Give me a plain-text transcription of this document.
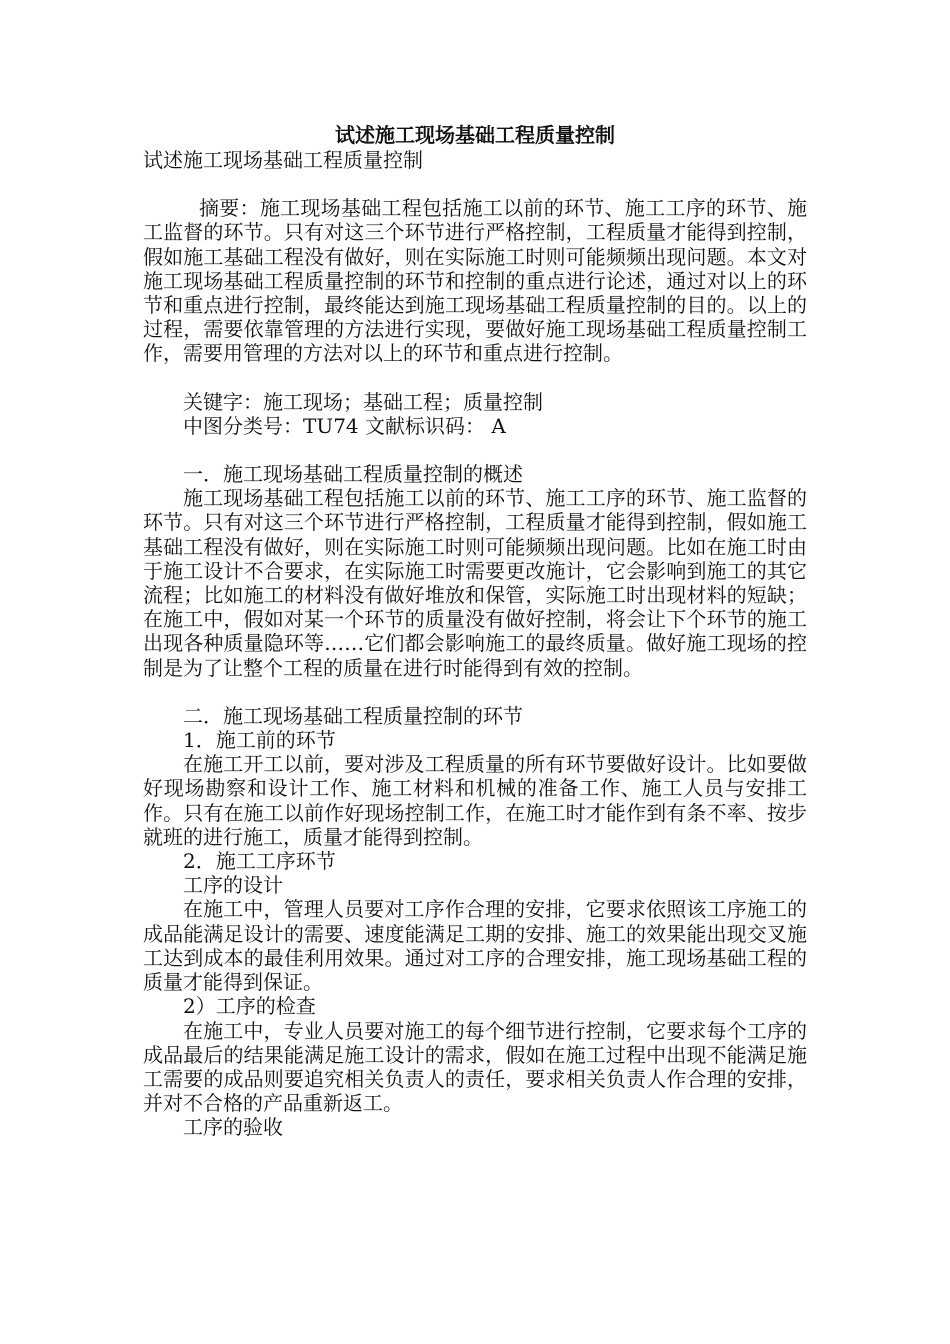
试述施工现场基础工程质量控制

试述施工现场基础工程质量控制

摘要：施工现场基础工程包括施工以前的环节、施工工序的环节、施工监督的环节。只有对这三个环节进行严格控制，工程质量才能得到控制，假如施工基础工程没有做好，则在实际施工时则可能频频出现问题。本文对施工现场基础工程质量控制的环节和控制的重点进行论述，通过对以上的环节和重点进行控制，最终能达到施工现场基础工程质量控制的目的。以上的过程，需要依靠管理的方法进行实现，要做好施工现场基础工程质量控制工作，需要用管理的方法对以上的环节和重点进行控制。

关键字：施工现场；基础工程；质量控制

中图分类号：TU74 文献标识码： A

一．施工现场基础工程质量控制的概述

施工现场基础工程包括施工以前的环节、施工工序的环节、施工监督的环节。只有对这三个环节进行严格控制，工程质量才能得到控制，假如施工基础工程没有做好，则在实际施工时则可能频频出现问题。比如在施工时由于施工设计不合要求，在实际施工时需要更改施计，它会影响到施工的其它流程；比如施工的材料没有做好堆放和保管，实际施工时出现材料的短缺；在施工中，假如对某一个环节的质量没有做好控制，将会让下个环节的施工出现各种质量隐环等……它们都会影响施工的最终质量。做好施工现场的控制是为了让整个工程的质量在进行时能得到有效的控制。

二．施工现场基础工程质量控制的环节

1．施工前的环节

在施工开工以前，要对涉及工程质量的所有环节要做好设计。比如要做好现场勘察和设计工作、施工材料和机械的准备工作、施工人员与安排工作。只有在施工以前作好现场控制工作，在施工时才能作到有条不率、按步就班的进行施工，质量才能得到控制。

2．施工工序环节

工序的设计

在施工中，管理人员要对工序作合理的安排，它要求依照该工序施工的成品能满足设计的需要、速度能满足工期的安排、施工的效果能出现交叉施工达到成本的最佳利用效果。通过对工序的合理安排，施工现场基础工程的质量才能得到保证。

2）工序的检查

在施工中，专业人员要对施工的每个细节进行控制，它要求每个工序的成品最后的结果能满足施工设计的需求，假如在施工过程中出现不能满足施工需要的成品则要追究相关负责人的责任，要求相关负责人作合理的安排，并对不合格的产品重新返工。

工序的验收
